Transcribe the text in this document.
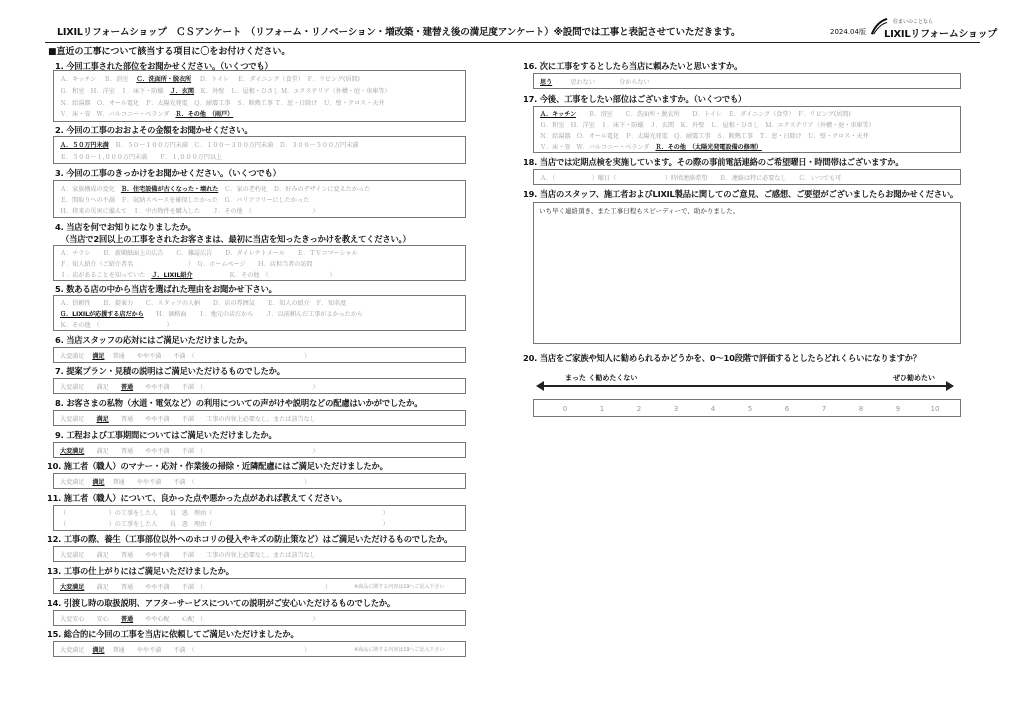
LIXILリフォームショップ　ＣＳアンケート　（リフォーム・リノベーション・増改築・建替え後の満足度アンケート）※設問では工事と表記させていただきます。	2024.04版
住まいのことなら
LIXILリフォームショップ
■直近の工事について該当する項目に〇をお付けください。
1. 今回工事された部位をお聞かせください。（いくつでも）
Ａ．キッチン　 Ｂ．浴室　 Ｃ．洗面所・脱衣所　 Ｄ．トイレ　 Ｅ．ダイニング（食堂）　Ｆ．リビング(居間)
Ｇ．和室　Ｈ．洋室　Ｉ．床下・防蟻　Ｊ．玄関　Ｋ．外壁　Ｌ．屋根・ひさし Ｍ．エクステリア（外構・庭・車庫等）
Ｎ．給湯器　Ｏ．オール電化　Ｐ．太陽光発電　Ｑ．耐震工事　Ｓ．断熱工事 Ｔ．窓・日除け　Ｕ．壁・クロス・天井
Ｖ．床・畳　Ｗ．バルコニー・ベランダ　Ｒ．その他　（雨戸）
2. 今回の工事のおおよその金額をお聞かせください。
Ａ．５０万円未満　Ｂ．５０～１００万円未満　Ｃ．１００～３００万円未満　Ｄ．３００～５００万円未満
Ｅ．５００～１,０００万円未満　　Ｆ．１,０００万円以上
3. 今回の工事のきっかけをお聞かせください。（いくつでも）
Ａ．家族構成の変化　Ｂ．住宅設備が古くなった・壊れた　Ｃ．家の老朽化　Ｄ．好みのデザインに変えたかった
Ｅ．間取りへの不満　Ｆ．収納スペースを確保したかった　Ｇ．バリアフリーにしたかった
Ｈ．将来の災害に備えて　Ｉ．中古物件を購入した　　Ｊ．その他　（　　　　　　　　　　）
4. 当店を何でお知りになりましたか。
（当店で2回以上の工事をされたお客さまは、最初に当店を知ったきっかけを教えてください。）
Ａ．チラシ　　Ｂ．新聞紙面上の広告　　Ｃ．雑誌広告　　Ｄ．ダイレクトメール　　Ｅ．ＴＶコマーシャル
Ｆ．知人紹介（ご紹介者名　　　　　　　　　）　Ｇ．ホームページ　　Ｈ．店担当者の訪問
Ｉ．店があることを知っていた　Ｊ．LIXIL紹介　　　　　　Ｋ．その他　（　　　　　　　　　　）
5. 数ある店の中から当店を選ばれた理由をお聞かせ下さい。
Ａ．信頼性　　Ｂ．提案力　　Ｃ．スタッフの人柄　　Ｄ．店の雰囲気　　Ｅ．知人の紹介　Ｆ．知名度
Ｇ．LIXILが応援する店だから　　Ｈ．価格面　　Ｉ．地元の店だから　　Ｊ．以前頼んだ工事がよかったから
Ｋ．その他　（　　　　　　　　　　　）
6. 当店スタッフの応対にはご満足いただけましたか。
大変満足　 満足　 普通　　やや不満　　不満　（　　　　　　　　　　　　　　　　　　）
7. 提案プラン・見積の説明はご満足いただけるものでしたか。
大変満足　　満足　　普通　　やや不満　　不満　（　　　　　　　　　　　　　　　　　　）
8. お客さまの私物（水道・電気など）の利用についての声がけや説明などの配慮はいかがでしたか。
大変満足　　満足　　普通　　やや不満　　不満　　工事の内容上必要なし、または該当なし
9. 工程および工事期間についてはご満足いただけましたか。
大変満足　　満足　　普通　　やや不満　　不満　（　　　　　　　　　　　　　　　　　　）
10. 施工者（職人）のマナー・応対・作業後の掃除・近隣配慮にはご満足いただけましたか。
大変満足　 満足　 普通　　やや不満　　不満　（　　　　　　　　　　　　　　　　　　）
11. 施工者（職人）について、良かった点や悪かった点があれば教えてください。
（　　　　　　　）の工事をした人　　良　悪　理由（　　　　　　　　　　　　　　　　　　　　　　　　　　　　）
（　　　　　　　）の工事をした人　　良　悪　理由（　　　　　　　　　　　　　　　　　　　　　　　　　　　　）
12. 工事の際、養生（工事部位以外へのホコリの侵入やキズの防止策など）はご満足いただけるものでしたか。
大変満足　　満足　　普通　　やや不満　　不満　　工事の内容上必要なし、または該当なし
13. 工事の仕上がりにはご満足いただけましたか。
大変満足　　満足　　普通　　やや不満　　不満　（　　　　　　　　　　　　　　　　　　　　）	※商品に関する内容は19へご記入下さい
14. 引渡し時の取扱説明、アフターサービスについての説明がご安心いただけるものでしたか。
大変安心　　安心　　普通　　やや心配　　心配　（　　　　　　　　　　　　　　　　　　）
15. 総合的に今回の工事を当店に依頼してご満足いただけましたか。
大変満足　 満足　 普通　　やや不満　　不満　（　　　　　　　　　　　　　　　　　　）	※商品に関する内容は19へご記入下さい
16. 次に工事をするとしたら当店に頼みたいと思いますか。
思う　　　思わない　　　　分からない
17. 今後、工事をしたい部位はございますか。（いくつでも）
Ａ．キッチン　　Ｂ．浴室　　Ｃ．洗面所・脱衣所　　Ｄ．トイレ　Ｅ．ダイニング（食堂）　Ｆ．リビング(居間)
Ｇ．和室　Ｈ．洋室　Ｉ．床下・防蟻　Ｊ．玄関　Ｋ．外壁　Ｌ．屋根・ひさし　Ｍ．エクステリア（外構・庭・車庫等）
Ｎ．給湯器　Ｏ．オール電化　Ｐ．太陽光発電　Ｑ．耐震工事　Ｓ．断熱工事　Ｔ．窓・日除け　Ｕ．壁・クロス・天井
Ｖ．床・畳　Ｗ．バルコニー・ベランダ　Ｒ．その他　（太陽光発電設備の修理）
18. 当店では定期点検を実施しています。その際の事前電話連絡のご希望曜日・時間帯はございますか。
Ａ．（　　　　　　）曜日（　　　　　　　　）時頃連絡希望　　Ｂ．連絡は特に必要なし　　Ｃ．いつでも可
19. 当店のスタッフ、施工者およびLIXIL製品に関してのご意見、ご感想、ご要望がございましたらお聞かせください。
いち早く連絡頂き、また工事日程もスピーディーで、助かりました。
20. 当店をご家族や知人に勧められるかどうかを、0～10段階で評価するとしたらどれくらいになりますか？
まった く勧めたくない	ぜひ勧めたい
0	1	2	3	4	5	6	7	8	9	10
